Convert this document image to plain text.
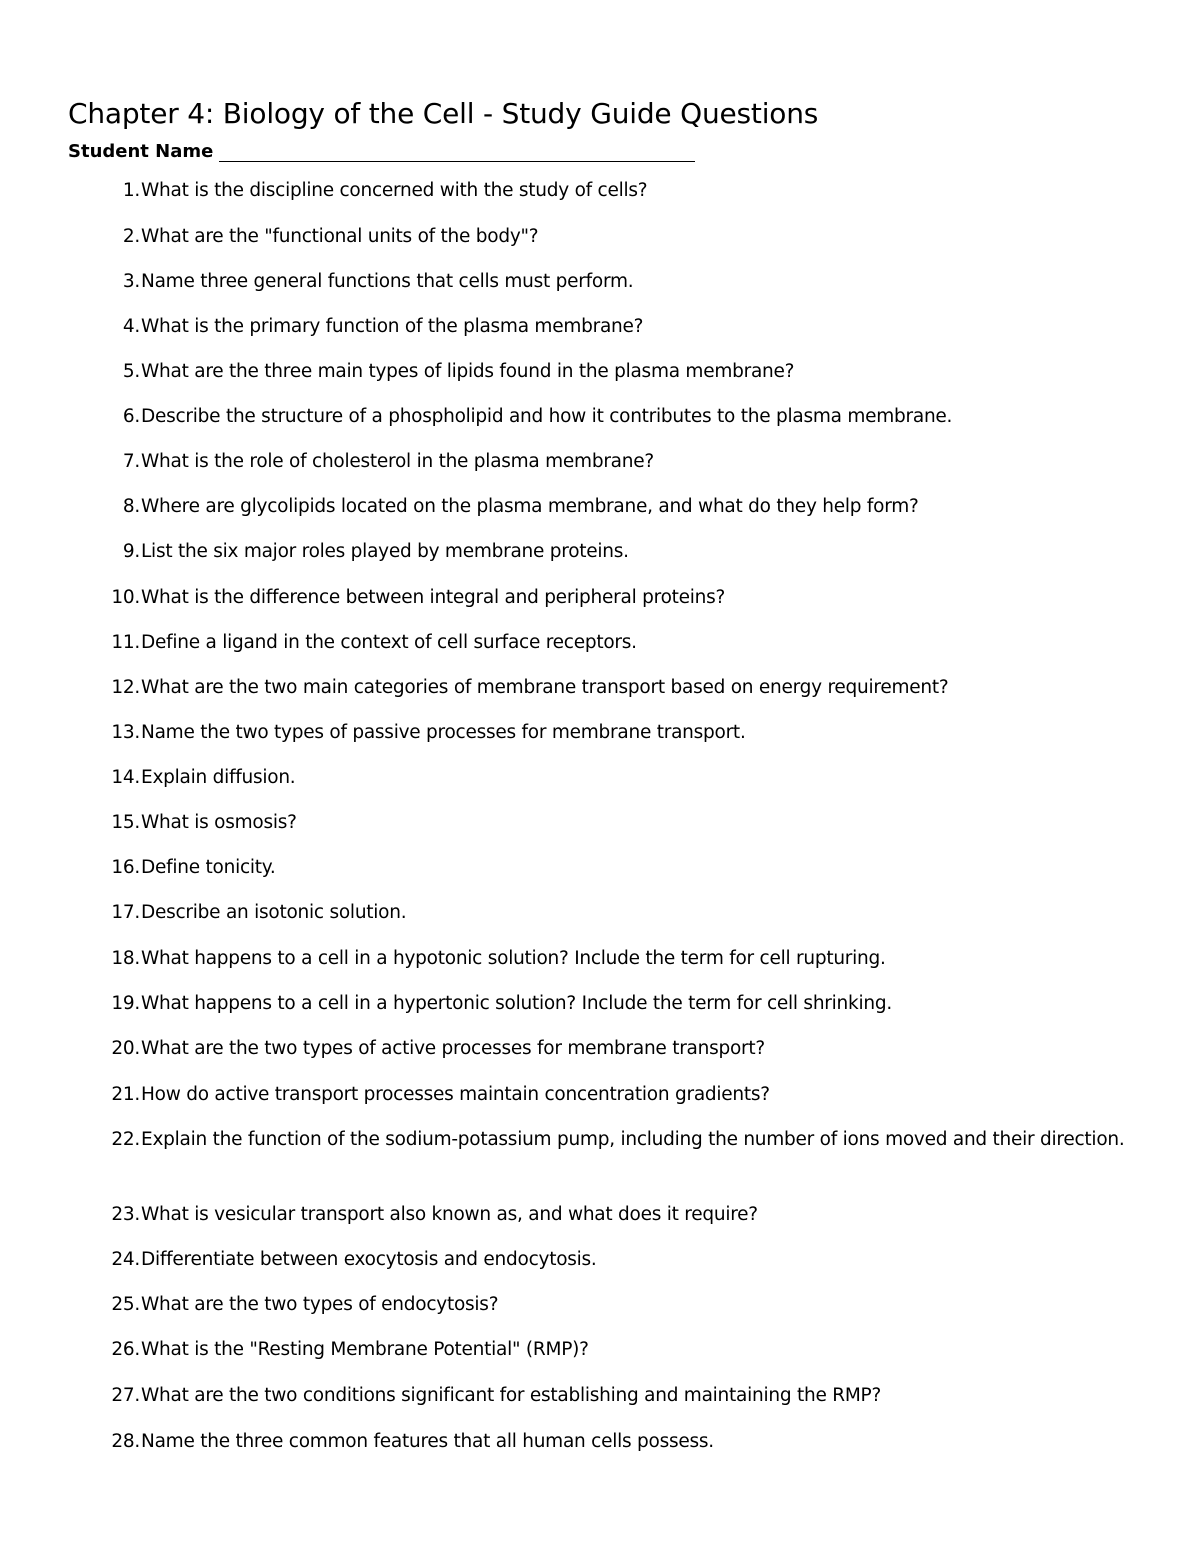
Chapter 4: Biology of the Cell - Study Guide Questions
Student Name
1. What is the discipline concerned with the study of cells?
2. What are the "functional units of the body"?
3. Name three general functions that cells must perform.
4. What is the primary function of the plasma membrane?
5. What are the three main types of lipids found in the plasma membrane?
6. Describe the structure of a phospholipid and how it contributes to the plasma membrane.
7. What is the role of cholesterol in the plasma membrane?
8. Where are glycolipids located on the plasma membrane, and what do they help form?
9. List the six major roles played by membrane proteins.
10. What is the difference between integral and peripheral proteins?
11. Define a ligand in the context of cell surface receptors.
12. What are the two main categories of membrane transport based on energy requirement?
13. Name the two types of passive processes for membrane transport.
14. Explain diffusion.
15. What is osmosis?
16. Define tonicity.
17. Describe an isotonic solution.
18. What happens to a cell in a hypotonic solution? Include the term for cell rupturing.
19. What happens to a cell in a hypertonic solution? Include the term for cell shrinking.
20. What are the two types of active processes for membrane transport?
21. How do active transport processes maintain concentration gradients?
22. Explain the function of the sodium-potassium pump, including the number of ions moved and their direction.
23. What is vesicular transport also known as, and what does it require?
24. Differentiate between exocytosis and endocytosis.
25. What are the two types of endocytosis?
26. What is the "Resting Membrane Potential" (RMP)?
27. What are the two conditions significant for establishing and maintaining the RMP?
28. Name the three common features that all human cells possess.
